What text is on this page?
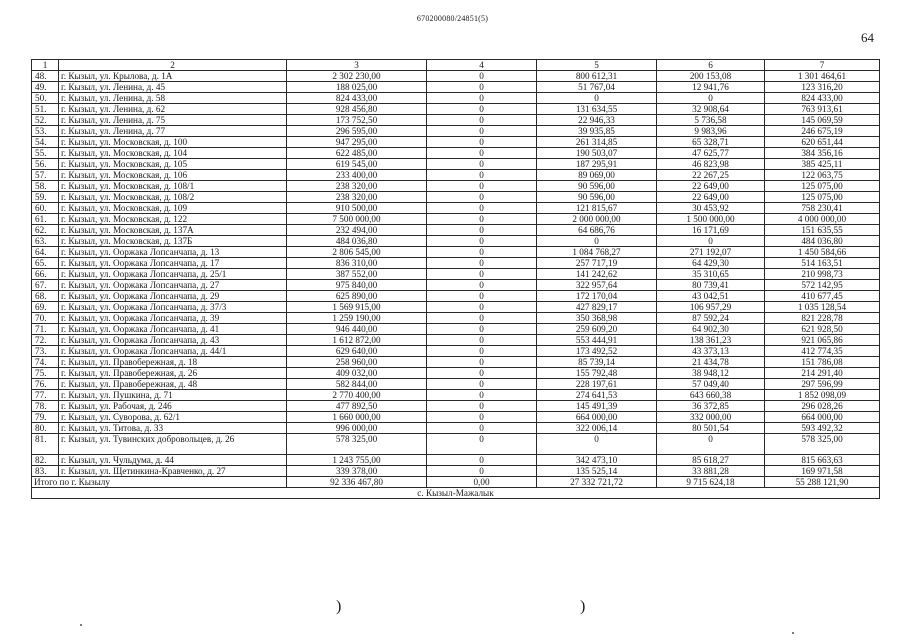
670200080/24851(5)
64
1	2	3	4	5	6	7
48.	г. Кызыл, ул. Крылова, д. 1А	2 302 230,00	0	800 612,31	200 153,08	1 301 464,61
49.	г. Кызыл, ул. Ленина, д. 45	188 025,00	0	51 767,04	12 941,76	123 316,20
50.	г. Кызыл, ул. Ленина, д. 58	824 433,00	0	0	0	824 433,00
51.	г. Кызыл, ул. Ленина, д. 62	928 456,80	0	131 634,55	32 908,64	763 913,61
52.	г. Кызыл, ул. Ленина, д. 75	173 752,50	0	22 946,33	5 736,58	145 069,59
53.	г. Кызыл, ул. Ленина, д. 77	296 595,00	0	39 935,85	9 983,96	246 675,19
54.	г. Кызыл, ул. Московская, д. 100	947 295,00	0	261 314,85	65 328,71	620 651,44
55.	г. Кызыл, ул. Московская, д. 104	622 485,00	0	190 503,07	47 625,77	384 356,16
56.	г. Кызыл, ул. Московская, д. 105	619 545,00	0	187 295,91	46 823,98	385 425,11
57.	г. Кызыл, ул. Московская, д. 106	233 400,00	0	89 069,00	22 267,25	122 063,75
58.	г. Кызыл, ул. Московская, д. 108/1	238 320,00	0	90 596,00	22 649,00	125 075,00
59.	г. Кызыл, ул. Московская, д. 108/2	238 320,00	0	90 596,00	22 649,00	125 075,00
60.	г. Кызыл, ул. Московская, д. 109	910 500,00	0	121 815,67	30 453,92	758 230,41
61.	г. Кызыл, ул. Московская, д. 122	7 500 000,00	0	2 000 000,00	1 500 000,00	4 000 000,00
62.	г. Кызыл, ул. Московская, д. 137А	232 494,00	0	64 686,76	16 171,69	151 635,55
63.	г. Кызыл, ул. Московская, д. 137Б	484 036,80	0	0	0	484 036,80
64.	г. Кызыл, ул. Ооржака Лопсанчапа, д. 13	2 806 545,00	0	1 084 768,27	271 192,07	1 450 584,66
65.	г. Кызыл, ул. Ооржака Лопсанчапа, д. 17	836 310,00	0	257 717,19	64 429,30	514 163,51
66.	г. Кызыл, ул. Ооржака Лопсанчапа, д. 25/1	387 552,00	0	141 242,62	35 310,65	210 998,73
67.	г. Кызыл, ул. Ооржака Лопсанчапа, д. 27	975 840,00	0	322 957,64	80 739,41	572 142,95
68.	г. Кызыл, ул. Ооржака Лопсанчапа, д. 29	625 890,00	0	172 170,04	43 042,51	410 677,45
69.	г. Кызыл, ул. Ооржака Лопсанчапа, д. 37/3	1 569 915,00	0	427 829,17	106 957,29	1 035 128,54
70.	г. Кызыл, ул. Ооржака Лопсанчапа, д. 39	1 259 190,00	0	350 368,98	87 592,24	821 228,78
71.	г. Кызыл, ул. Ооржака Лопсанчапа, д. 41	946 440,00	0	259 609,20	64 902,30	621 928,50
72.	г. Кызыл, ул. Ооржака Лопсанчапа, д. 43	1 612 872,00	0	553 444,91	138 361,23	921 065,86
73.	г. Кызыл, ул. Ооржака Лопсанчапа, д. 44/1	629 640,00	0	173 492,52	43 373,13	412 774,35
74.	г. Кызыл, ул. Правобережная, д. 18	258 960,00	0	85 739,14	21 434,78	151 786,08
75.	г. Кызыл, ул. Правобережная, д. 26	409 032,00	0	155 792,48	38 948,12	214 291,40
76.	г. Кызыл, ул. Правобережная, д. 48	582 844,00	0	228 197,61	57 049,40	297 596,99
77.	г. Кызыл, ул. Пушкина, д. 71	2 770 400,00	0	274 641,53	643 660,38	1 852 098,09
78.	г. Кызыл, ул. Рабочая, д. 246	477 892,50	0	145 491,39	36 372,85	296 028,26
79.	г. Кызыл, ул. Суворова, д. 62/1	1 660 000,00	0	664 000,00	332 000,00	664 000,00
80.	г. Кызыл, ул. Титова, д. 33	996 000,00	0	322 006,14	80 501,54	593 492,32
81.	г. Кызыл, ул. Тувинских добровольцев, д. 26	578 325,00	0	0	0	578 325,00
82.	г. Кызыл, ул. Чульдума, д. 44	1 243 755,00	0	342 473,10	85 618,27	815 663,63
83.	г. Кызыл, ул. Щетинкина-Кравченко, д. 27	339 378,00	0	135 525,14	33 881,28	169 971,58
Итого по г. Кызылу		92 336 467,80	0,00	27 332 721,72	9 715 624,18	55 288 121,90
с. Кызыл-Мажалык						
)	)
